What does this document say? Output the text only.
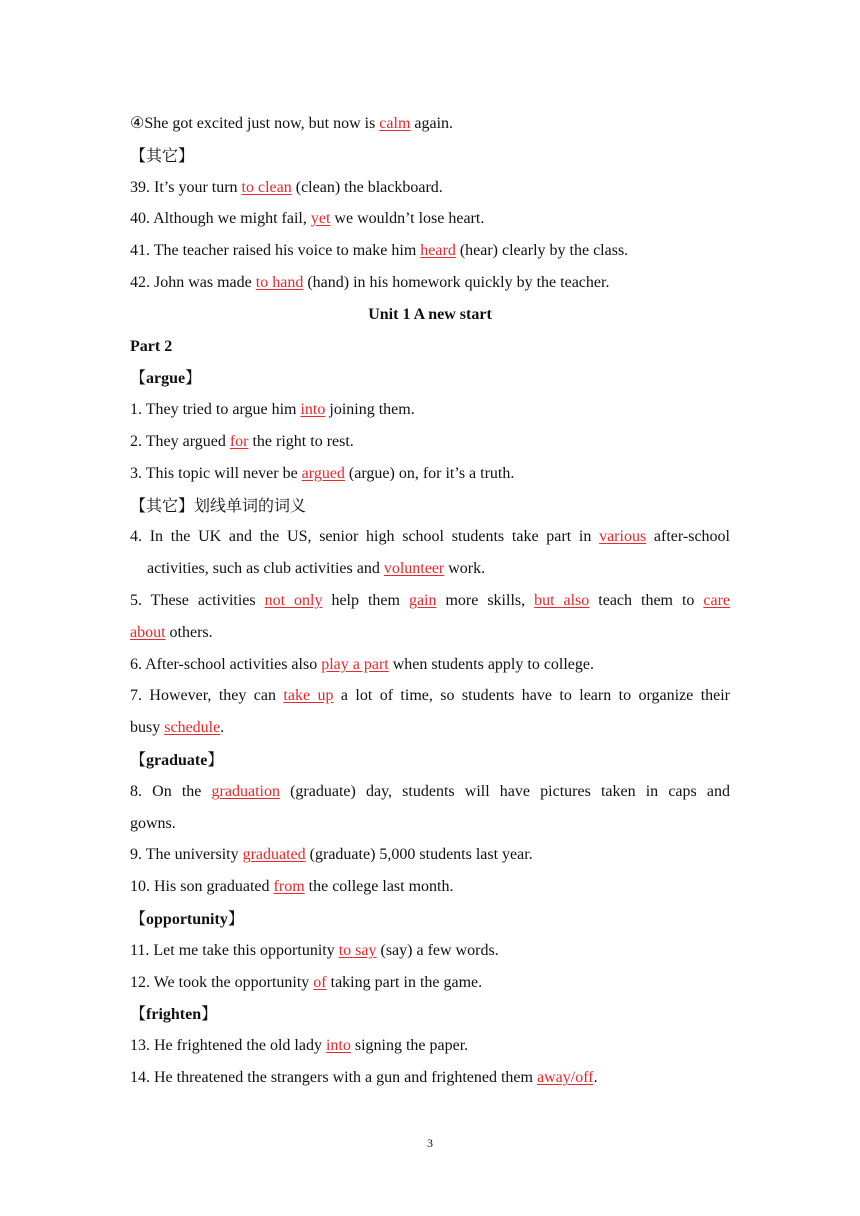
④She got excited just now, but now is calm again.
【其它】
39. It’s your turn to clean (clean) the blackboard.
40. Although we might fail, yet we wouldn’t lose heart.
41. The teacher raised his voice to make him heard (hear) clearly by the class.
42. John was made to hand (hand) in his homework quickly by the teacher.
Unit 1 A new start
Part 2
【argue】
1. They tried to argue him into joining them.
2. They argued for the right to rest.
3. This topic will never be argued (argue) on, for it’s a truth.
【其它】划线单词的词义
4. In the UK and the US, senior high school students take part in various after-school
activities, such as club activities and volunteer work.
5. These activities not only help them gain more skills, but also teach them to care
about others.
6. After-school activities also play a part when students apply to college.
7. However, they can take up a lot of time, so students have to learn to organize their
busy schedule.
【graduate】
8. On the graduation (graduate) day, students will have pictures taken in caps and
gowns.
9. The university graduated (graduate) 5,000 students last year.
10. His son graduated from the college last month.
【opportunity】
11. Let me take this opportunity to say (say) a few words.
12. We took the opportunity of taking part in the game.
【frighten】
13. He frightened the old lady into signing the paper.
14. He threatened the strangers with a gun and frightened them away/off.
3
